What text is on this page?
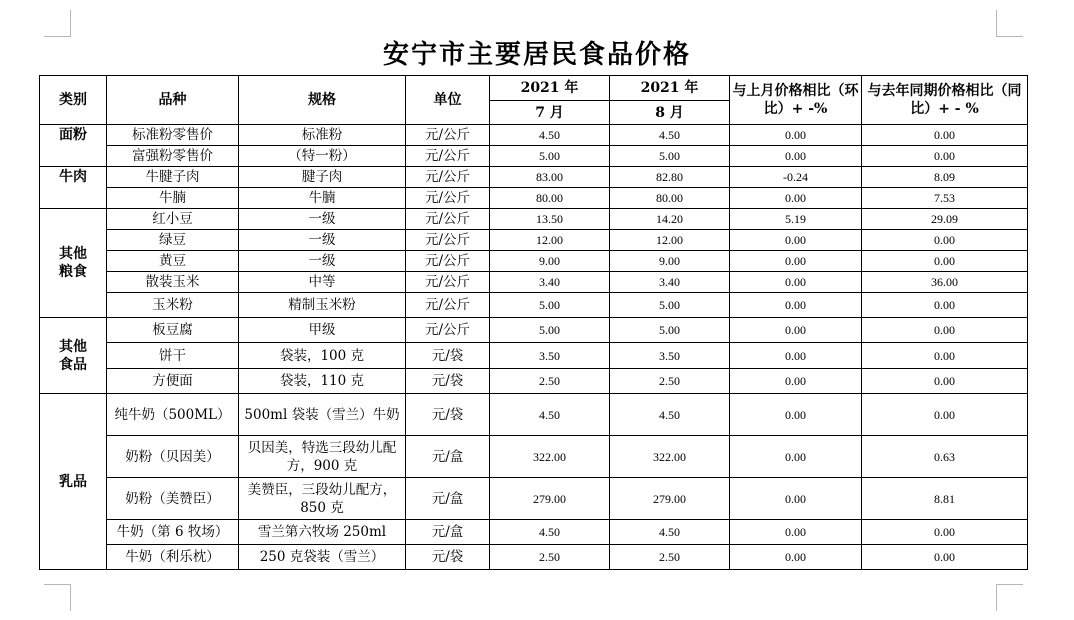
安宁市主要居民食品价格
类别	品种	规格	单位	2021 年	2021 年	与上月价格相比（环比）+ -%	与去年同期价格相比（同比）+ - %

				7 月	8 月		
面粉	标准粉零售价	标准粉	元/公斤	4.50	4.50	0.00	0.00
	富强粉零售价	（特一粉）	元/公斤	5.00	5.00	0.00	0.00
牛肉	牛腱子肉	腱子肉	元/公斤	83.00	82.80	-0.24	8.09
	牛腩	牛腩	元/公斤	80.00	80.00	0.00	7.53

其他粮食	红小豆	一级	元/公斤	13.50	14.20	5.19	29.09
	绿豆	一级	元/公斤	12.00	12.00	0.00	0.00
	黄豆	一级	元/公斤	9.00	9.00	0.00	0.00
	散装玉米	中等	元/公斤	3.40	3.40	0.00	36.00
	玉米粉	精制玉米粉	元/公斤	5.00	5.00	0.00	0.00

其他食品	板豆腐	甲级	元/公斤	5.00	5.00	0.00	0.00
	饼干	袋装，100 克	元/袋	3.50	3.50	0.00	0.00
	方便面	袋装，110 克	元/袋	2.50	2.50	0.00	0.00
乳品	纯牛奶（500ML）	500ml 袋装（雪兰）牛奶	元/袋	4.50	4.50	0.00	0.00
	奶粉（贝因美）	贝因美，特选三段幼儿配方，900 克	元/盒	322.00	322.00	0.00	0.63
	奶粉（美赞臣）	美赞臣，三段幼儿配方，850 克	元/盒	279.00	279.00	0.00	8.81
	牛奶（第 6 牧场）	雪兰第六牧场 250ml	元/盒	4.50	4.50	0.00	0.00
	牛奶（利乐枕）	250 克袋装（雪兰）	元/袋	2.50	2.50	0.00	0.00
